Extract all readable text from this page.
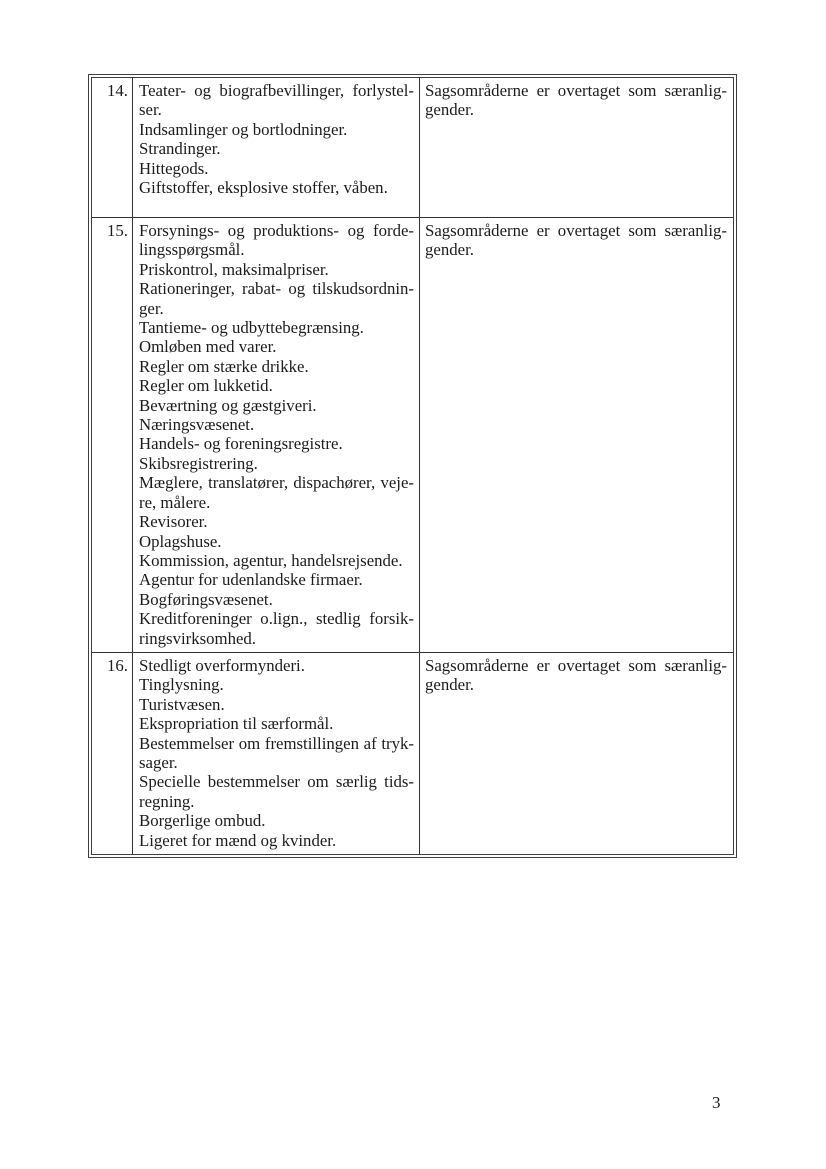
14.	Teater- og biografbevillinger, forlystel-
ser.
Indsamlinger og bortlodninger.
Strandinger.
Hittegods.
Giftstoffer, eksplosive stoffer, våben.

Sagsområderne er overtaget som særanlig-
gender.

15.	Forsynings- og produktions- og forde-
lingsspørgsmål.
Priskontrol, maksimalpriser.
Rationeringer, rabat- og tilskudsordnin-
ger.
Tantieme- og udbyttebegrænsing.
Omløben med varer.
Regler om stærke drikke.
Regler om lukketid.
Beværtning og gæstgiveri.
Næringsvæsenet.
Handels- og foreningsregistre.
Skibsregistrering.
Mæglere, translatører, dispachører, veje-
re, målere.
Revisorer.
Oplagshuse.
Kommission, agentur, handelsrejsende.
Agentur for udenlandske firmaer.
Bogføringsvæsenet.
Kreditforeninger o.lign., stedlig forsik-
ringsvirksomhed.

Sagsområderne er overtaget som særanlig-
gender.

16.	Stedligt overformynderi.
Tinglysning.
Turistvæsen.
Ekspropriation til særformål.
Bestemmelser om fremstillingen af tryk-
sager.
Specielle bestemmelser om særlig tids-
regning.
Borgerlige ombud.
Ligeret for mænd og kvinder.

Sagsområderne er overtaget som særanlig-
gender.
3
